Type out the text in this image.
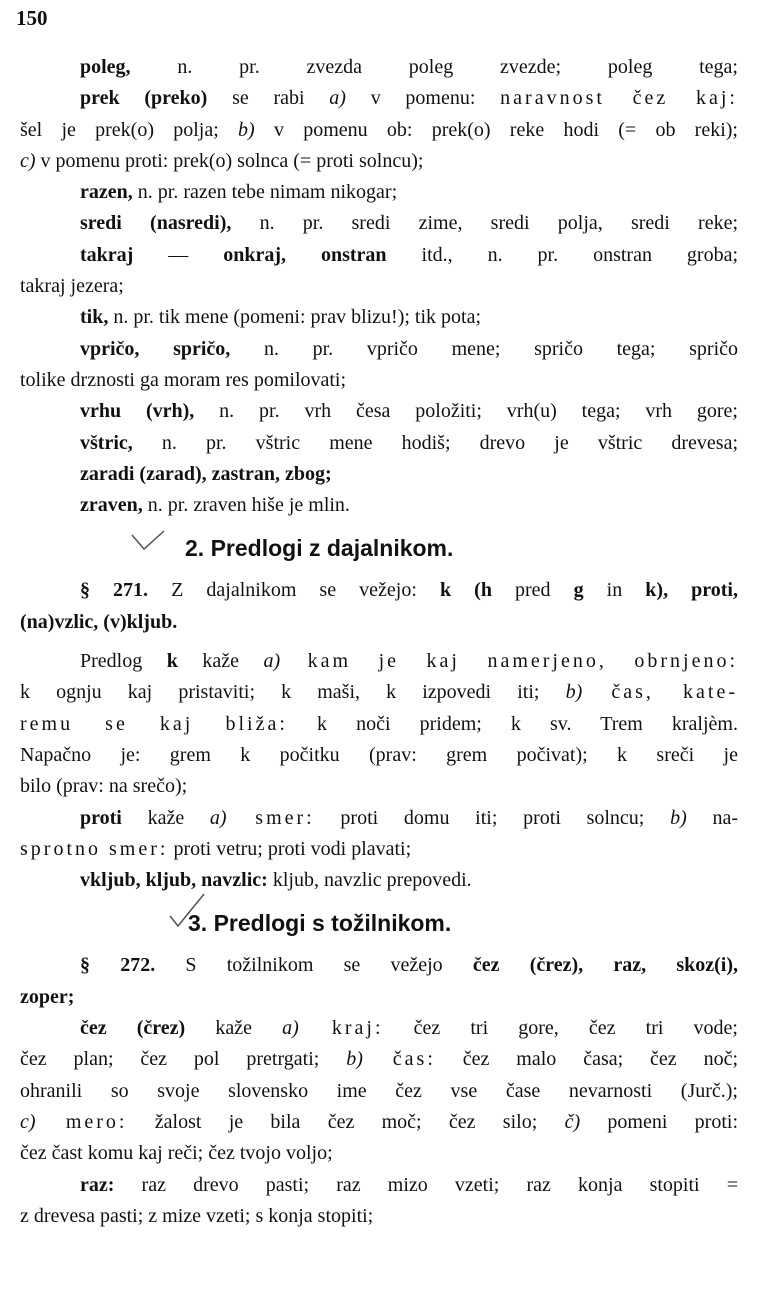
150
poleg, n. pr. zvezda poleg zvezde; poleg tega;
prek (preko) se rabi a) v pomenu: naravnost čez kaj:
šel je prek(o) polja; b) v pomenu ob: prek(o) reke hodi (= ob reki);
c) v pomenu proti: prek(o) solnca (= proti solncu);
razen, n. pr. razen tebe nimam nikogar;
sredi (nasredi), n. pr. sredi zime, sredi polja, sredi reke;
takraj — onkraj, onstran itd., n. pr. onstran groba;
takraj jezera;
tik, n. pr. tik mene (pomeni: prav blizu!); tik pota;
vpričo, spričo, n. pr. vpričo mene; spričo tega; spričo
tolike drznosti ga moram res pomilovati;
vrhu (vrh), n. pr. vrh česa položiti; vrh(u) tega; vrh gore;
vštric, n. pr. vštric mene hodiš; drevo je vštric drevesa;
zaradi (zarad), zastran, zbog;
zraven, n. pr. zraven hiše je mlin.
2. Predlogi z dajalnikom.
§ 271. Z dajalnikom se vežejo: k (h pred g in k), proti,
(na)vzlic, (v)kljub.
Predlog k kaže a) kam je kaj namerjeno, obrnjeno:
k ognju kaj pristaviti; k maši, k izpovedi iti; b) čas, kate-
remu se kaj bliža: k noči pridem; k sv. Trem kraljèm.
Napačno je: grem k počitku (prav: grem počivat); k sreči je
bilo (prav: na srečo);
proti kaže a) smer: proti domu iti; proti solncu; b) na-
sprotno smer: proti vetru; proti vodi plavati;
vkljub, kljub, navzlic: kljub, navzlic prepovedi.
3. Predlogi s tožilnikom.
§ 272. S tožilnikom se vežejo čez (črez), raz, skoz(i),
zoper;
čez (črez) kaže a) kraj: čez tri gore, čez tri vode;
čez plan; čez pol pretrgati; b) čas: čez malo časa; čez noč;
ohranili so svoje slovensko ime čez vse čase nevarnosti (Jurč.);
c) mero: žalost je bila čez moč; čez silo; č) pomeni proti:
čez čast komu kaj reči; čez tvojo voljo;
raz: raz drevo pasti; raz mizo vzeti; raz konja stopiti =
z drevesa pasti; z mize vzeti; s konja stopiti;
